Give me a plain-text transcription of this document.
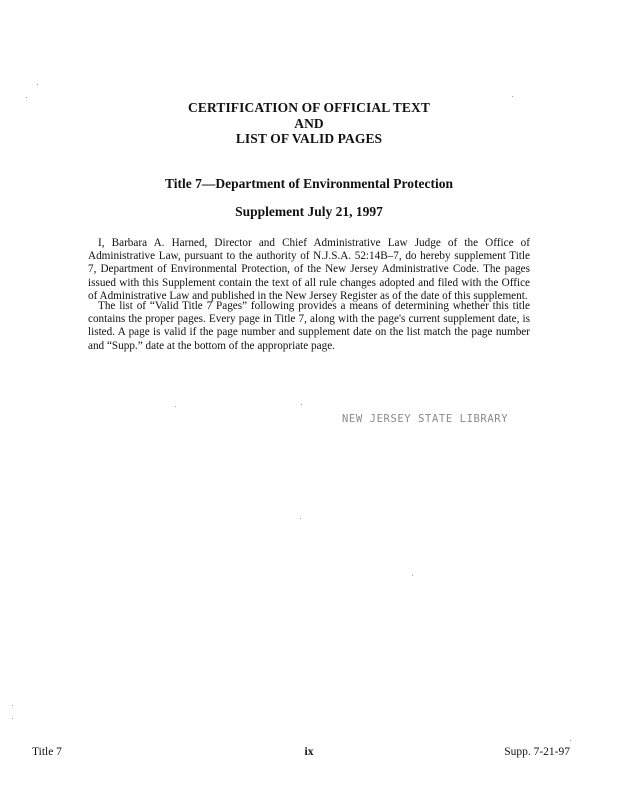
CERTIFICATION OF OFFICIAL TEXT
AND
LIST OF VALID PAGES
Title 7—Department of Environmental Protection
Supplement July 21, 1997

I, Barbara A. Harned, Director and Chief Administrative Law Judge of the Office of Administrative Law, pursuant to the authority of N.J.S.A. 52:14B–7, do hereby supplement Title 7, Department of Environmental Protection, of the New Jersey Administrative Code. The pages issued with this Supplement contain the text of all rule changes adopted and filed with the Office of Administrative Law and published in the New Jersey Register as of the date of this supplement.

The list of “Valid Title 7 Pages” following provides a means of determining whether this title contains the proper pages. Every page in Title 7, along with the page's current supplement date, is listed. A page is valid if the page number and supplement date on the list match the page number and “Supp.” date at the bottom of the appropriate page.

NEW JERSEY STATE LIBRARY
Title 7	ix	Supp. 7-21-97
